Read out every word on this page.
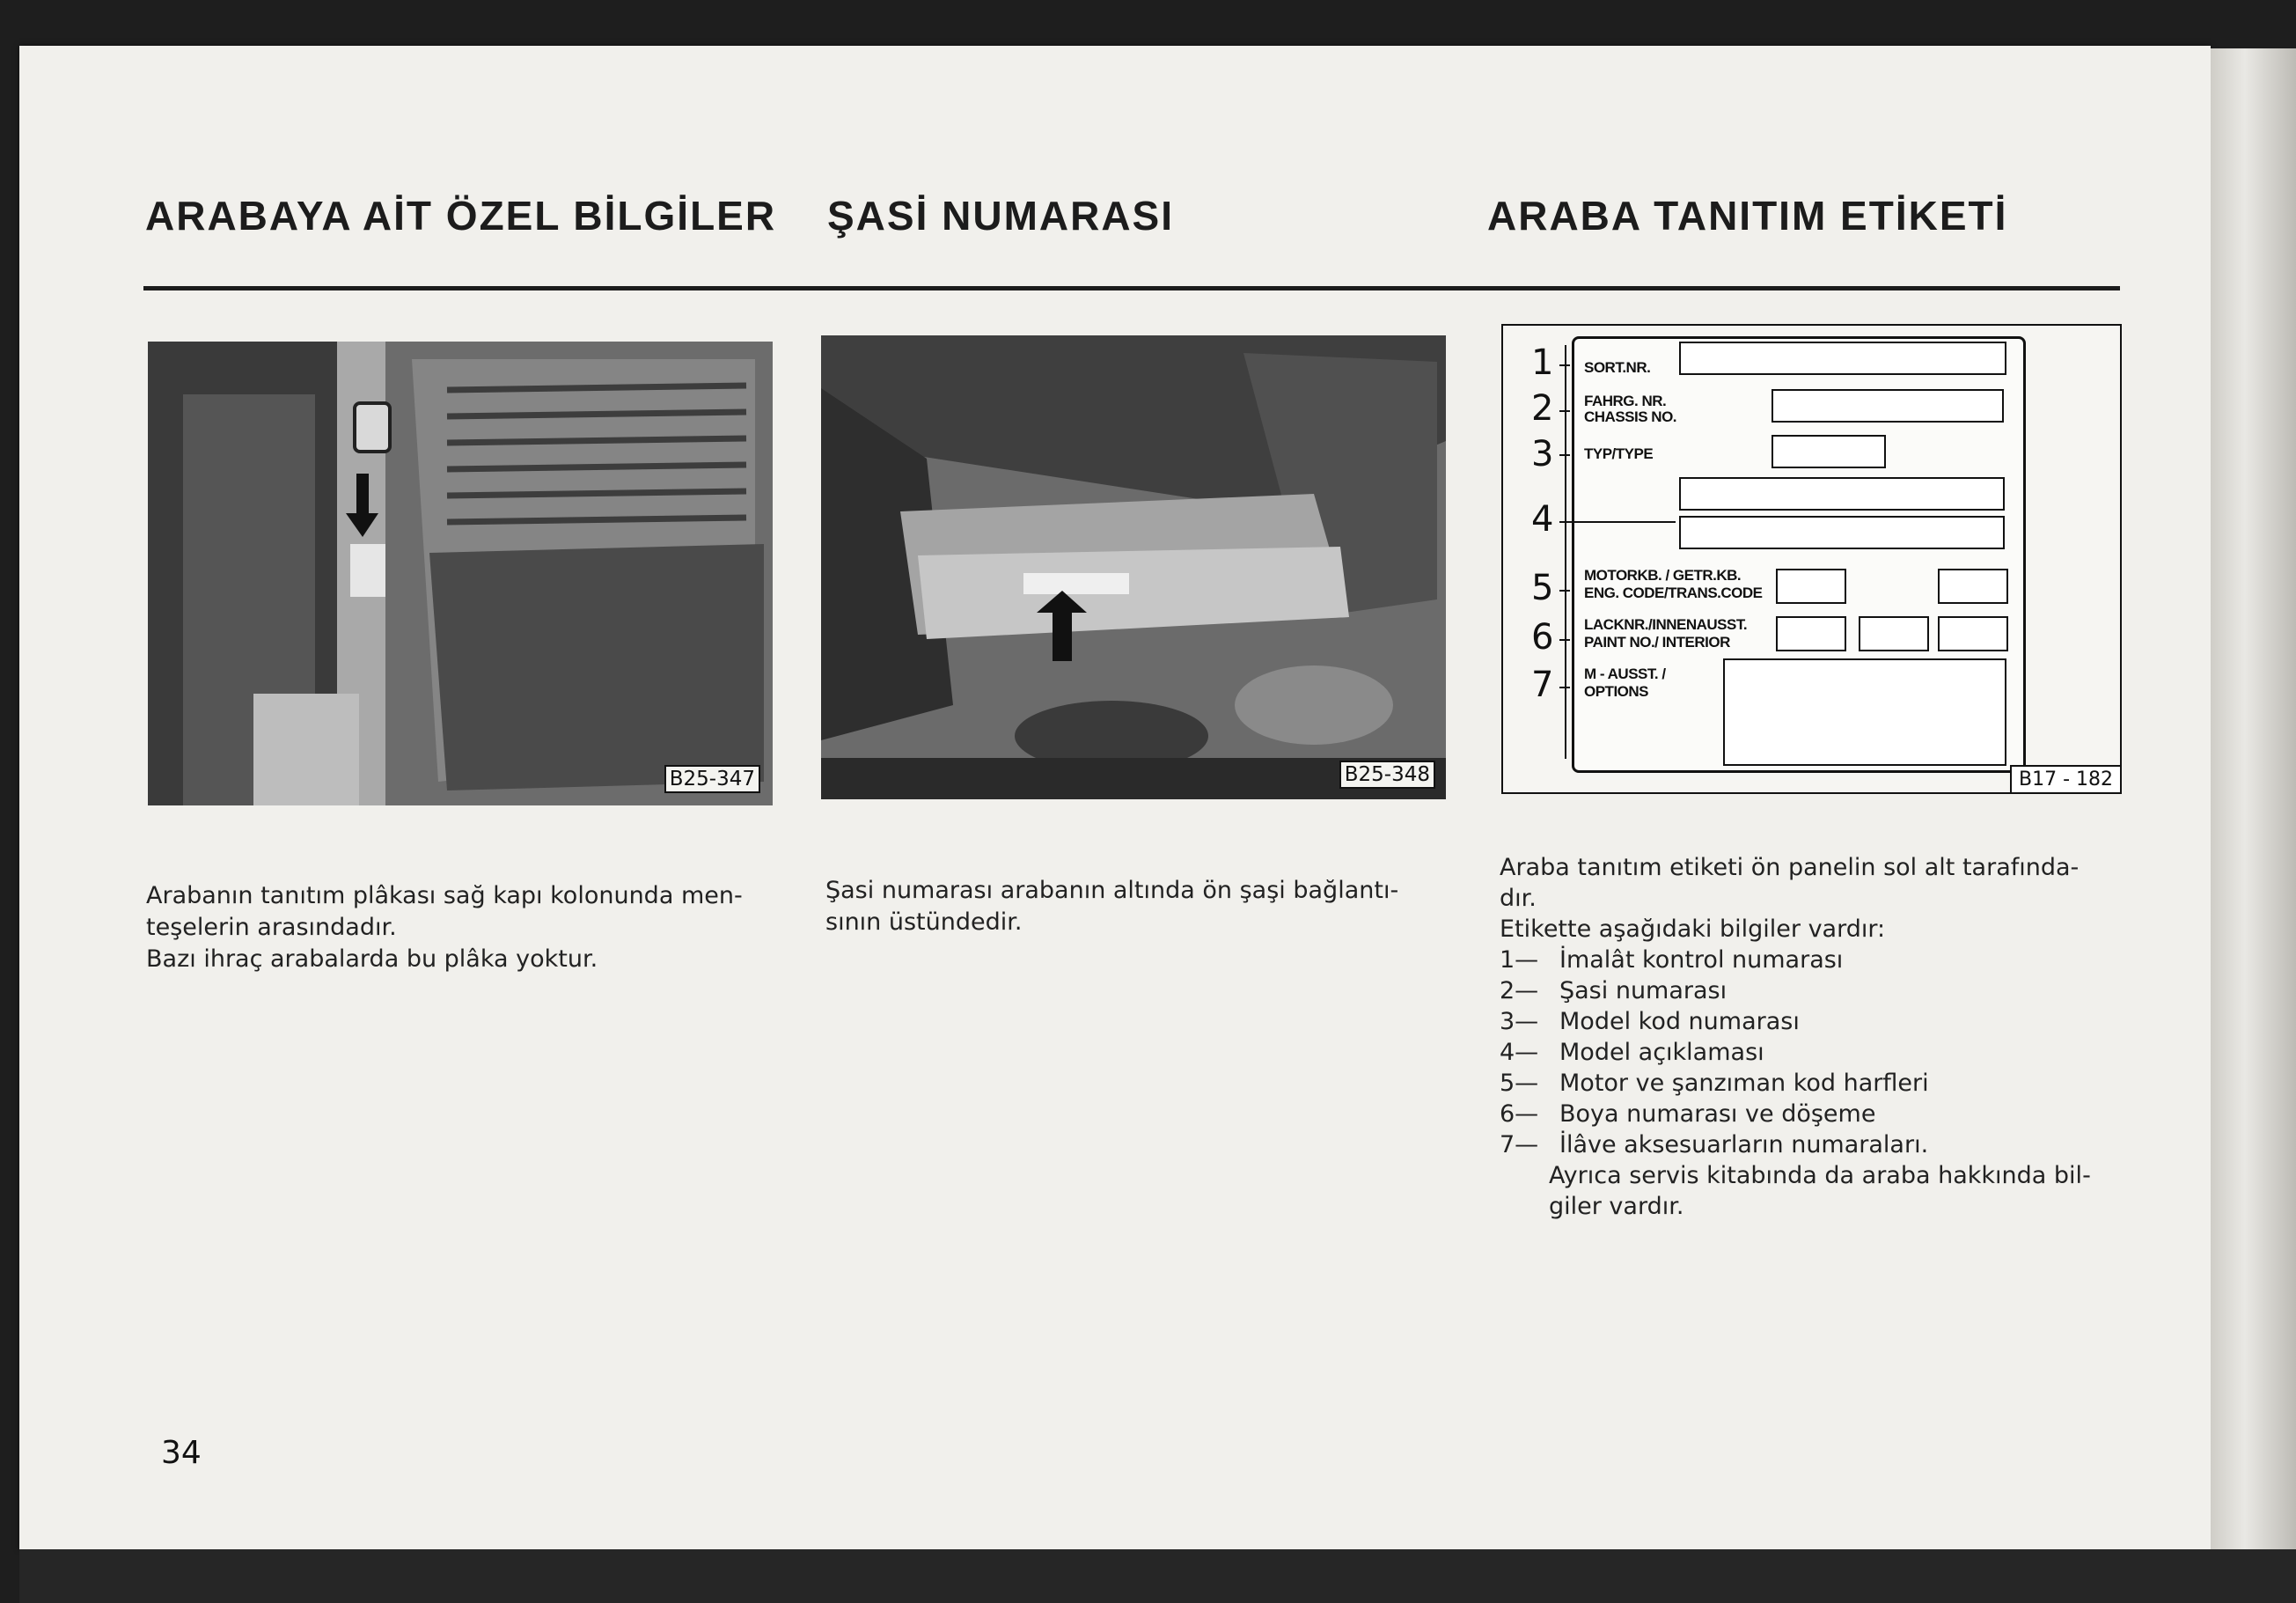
ARABAYA AİT ÖZEL BİLGİLER ŞASİ NUMARASI	ARABA TANITIM ETİKETİ
B25-347	B25-348

Arabanın tanıtım plâkası sağ kapı kolonunda men-

teşelerin arasındadır.

Bazı ihraç arabalarda bu plâka yoktur.

Şasi numarası arabanın altında ön şaşi bağlantı-

sının üstündedir.

1 SORT.NR.
2 FAHRG. NR.
CHASSIS NO.
3 TYP/TYPE
4
5 MOTORKB. / GETR.KB.
ENG. CODE/TRANS.CODE
6 LACKNR./INNENAUSST.
PAINT NO./ INTERIOR
7 M - AUSST. /
OPTIONS
B17 - 182
Araba tanıtım etiketi ön panelin sol alt tarafında-
dır.
Etikette aşağıdaki bilgiler vardır:
1— İmalât kontrol numarası
2— Şasi numarası
3— Model kod numarası
4— Model açıklaması
5— Motor ve şanzıman kod harfleri
6— Boya numarası ve döşeme
7— İlâve aksesuarların numaraları.
Ayrıca servis kitabında da araba hakkında bil-
giler vardır.
34
